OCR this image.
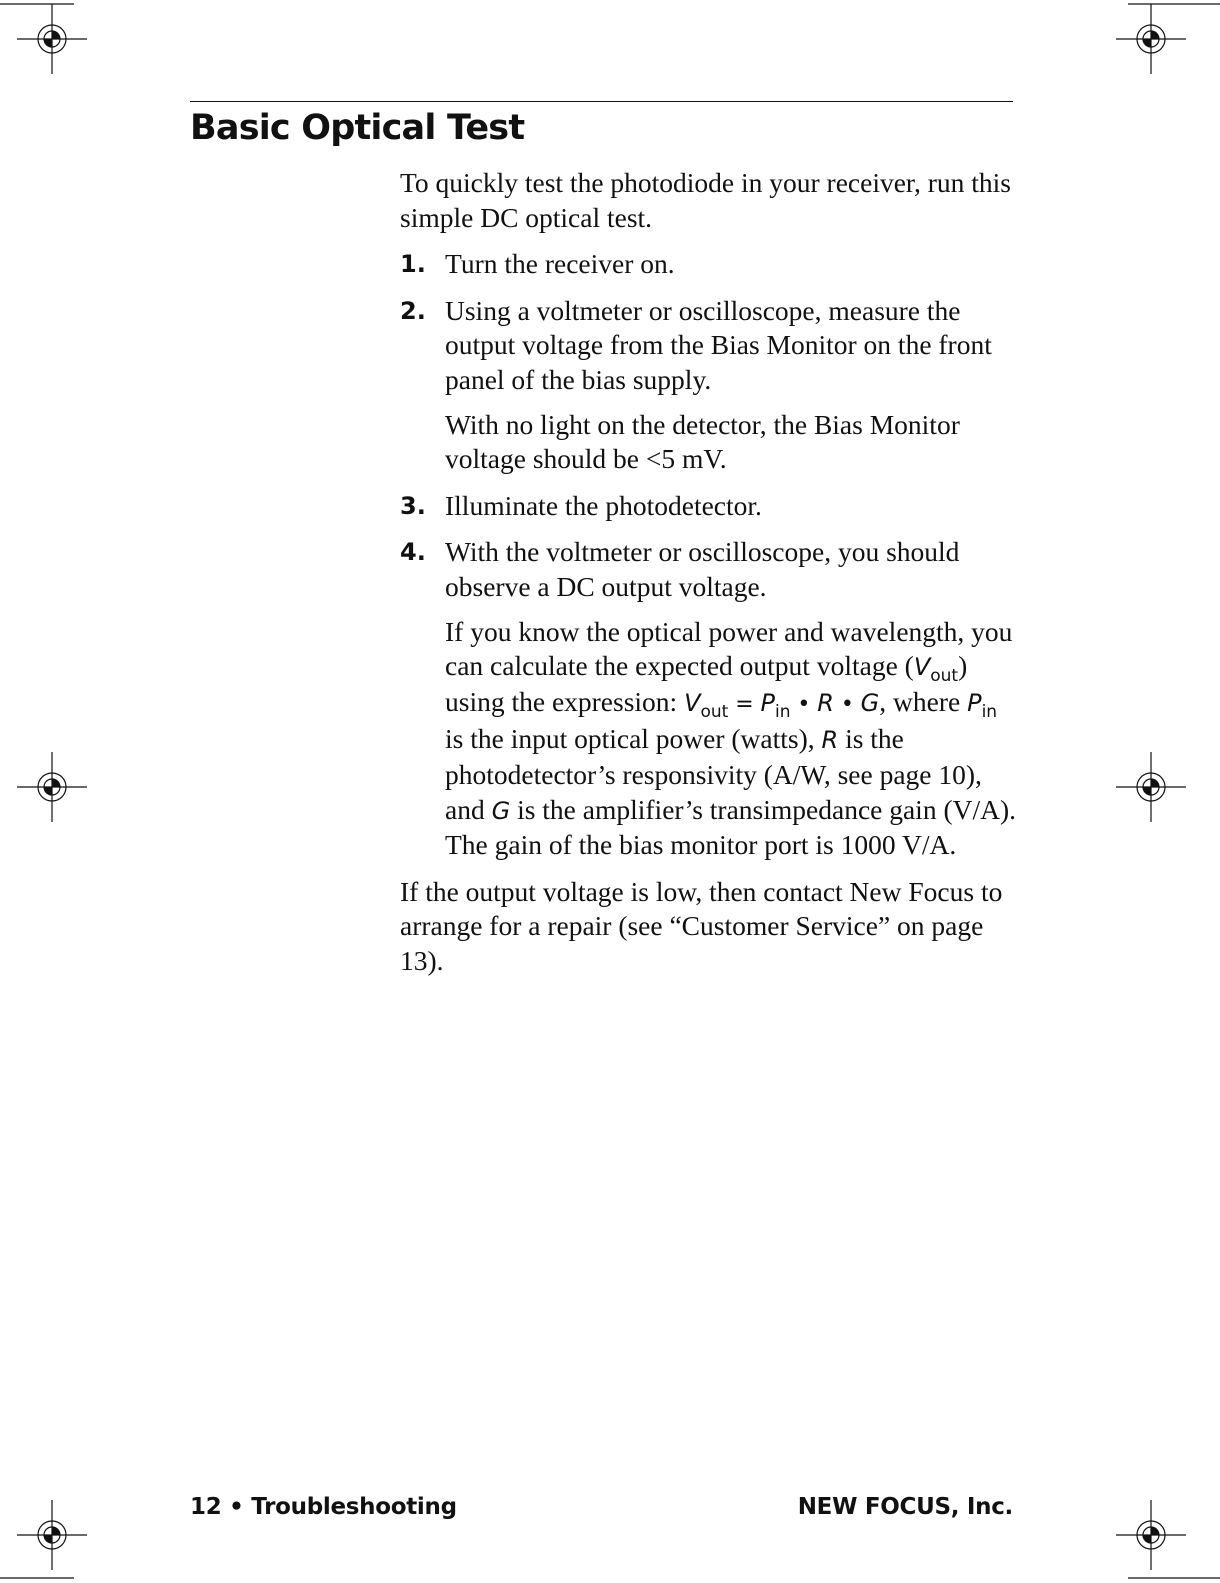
Basic Optical Test

To quickly test the photodiode in your receiver, run this simple DC optical test.

1. Turn the receiver on.

2. Using a voltmeter or oscilloscope, measure the output voltage from the Bias Monitor on the front panel of the bias supply.

With no light on the detector, the Bias Monitor voltage should be <5 mV.

3. Illuminate the photodetector.

4. With the voltmeter or oscilloscope, you should observe a DC output voltage.

If you know the optical power and wavelength, you can calculate the expected output voltage $(V_{out})$ using the expression: $V_{out} = P_{in}$ • R • G, where $P_{in}$ is the input optical power (watts), R is the photodetector’s responsivity (A/W, see page 10), and G is the amplifier’s transimpedance gain (V/A). The gain of the bias monitor port is 1000 V/A.

If the output voltage is low, then contact New Focus to arrange for a repair (see “Customer Service” on page 13).

12 • Troubleshooting	NEW FOCUS, Inc.
